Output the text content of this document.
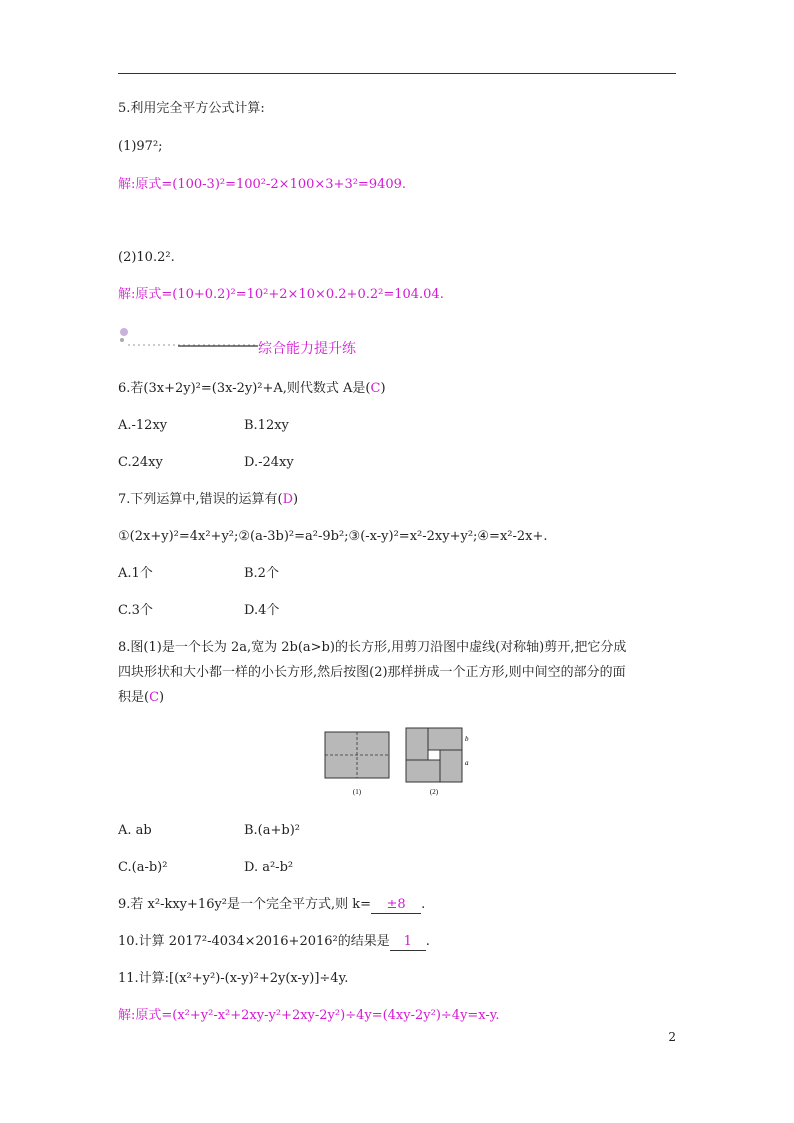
5.利用完全平方公式计算:
(1)97²;
解:原式=(100-3)²=100²-2×100×3+3²=9409.
(2)10.2².
解:原式=(10+0.2)²=10²+2×10×0.2+0.2²=104.04.
综合能力提升练
6.若(3x+2y)²=(3x-2y)²+A,则代数式 A是(C)
A.-12xy	B.12xy
C.24xy	D.-24xy
7.下列运算中,错误的运算有(D)
①(2x+y)²=4x²+y²;②(a-3b)²=a²-9b²;③(-x-y)²=x²-2xy+y²;④=x²-2x+.
A.1个	B.2个
C.3个	D.4个
8.图(1)是一个长为 2a,宽为 2b(a>b)的长方形,用剪刀沿图中虚线(对称轴)剪开,把它分成
四块形状和大小都一样的小长方形,然后按图(2)那样拼成一个正方形,则中间空的部分的面
积是(C)
(1)	(2)
b
a
A. ab	B.(a+b)²
C.(a-b)²	D. a²-b²
9.若 x²-kxy+16y²是一个完全平方式,则 k= ±8 .
10.计算 2017²-4034×2016+2016²的结果是 1 .
11.计算:[(x²+y²)-(x-y)²+2y(x-y)]÷4y.
解:原式=(x²+y²-x²+2xy-y²+2xy-2y²)÷4y=(4xy-2y²)÷4y=x-y.
2
